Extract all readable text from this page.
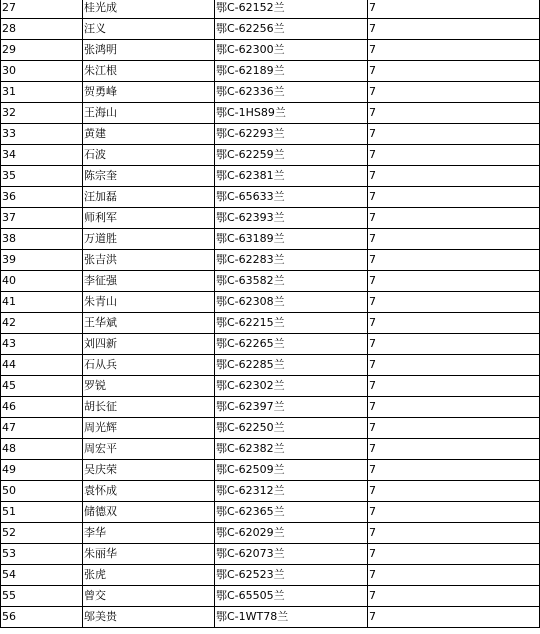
27	桂光成	鄂C-62152兰	7
28	汪义	鄂C-62256兰	7
29	张鸿明	鄂C-62300兰	7
30	朱江根	鄂C-62189兰	7
31	贺勇峰	鄂C-62336兰	7
32	王海山	鄂C-1HS89兰	7
33	黄建	鄂C-62293兰	7
34	石波	鄂C-62259兰	7
35	陈宗奎	鄂C-62381兰	7
36	汪加磊	鄂C-65633兰	7
37	师利军	鄂C-62393兰	7
38	万道胜	鄂C-63189兰	7
39	张吉洪	鄂C-62283兰	7
40	李征强	鄂C-63582兰	7
41	朱青山	鄂C-62308兰	7
42	王华斌	鄂C-62215兰	7
43	刘四新	鄂C-62265兰	7
44	石从兵	鄂C-62285兰	7
45	罗锐	鄂C-62302兰	7
46	胡长征	鄂C-62397兰	7
47	周光辉	鄂C-62250兰	7
48	周宏平	鄂C-62382兰	7
49	吴庆荣	鄂C-62509兰	7
50	袁怀成	鄂C-62312兰	7
51	储德双	鄂C-62365兰	7
52	李华	鄂C-62029兰	7
53	朱丽华	鄂C-62073兰	7
54	张虎	鄂C-62523兰	7
55	曾交	鄂C-65505兰	7
56	邬美贵	鄂C-1WT78兰	7
